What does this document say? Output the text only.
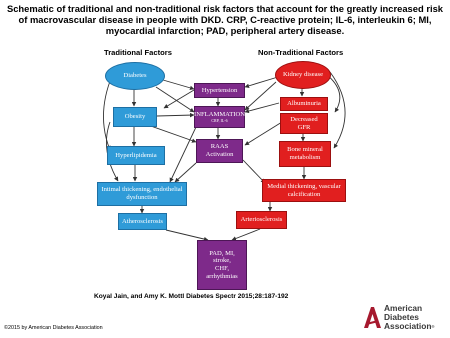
Schematic of traditional and non-traditional risk factors that account for the greatly increased risk of macrovascular disease in people with DKD. CRP, C-reactive protein; IL-6, interleukin 6; MI, myocardial infarction; PAD, peripheral artery disease.
Traditional Factors	Non-Traditional Factors
Diabetes	Kidney disease
Hypertension
Albuminuria
Obesity	INFLAMMATION
CRP, IL-6	Decreased GFR
Hyperlipidemia
RAAS Activation
Bone mineral metabolism
Intimal thickening, endothelial dysfunction
Medial thickening, vascular calcification
Atherosclerosis	Arteriosclerosis
PAD, MI, stroke, CHF, arrhythmias
Koyal Jain, and Amy K. Mottl Diabetes Spectr 2015;28:187-192
©2015 by American Diabetes Association
American
Diabetes
Association®
